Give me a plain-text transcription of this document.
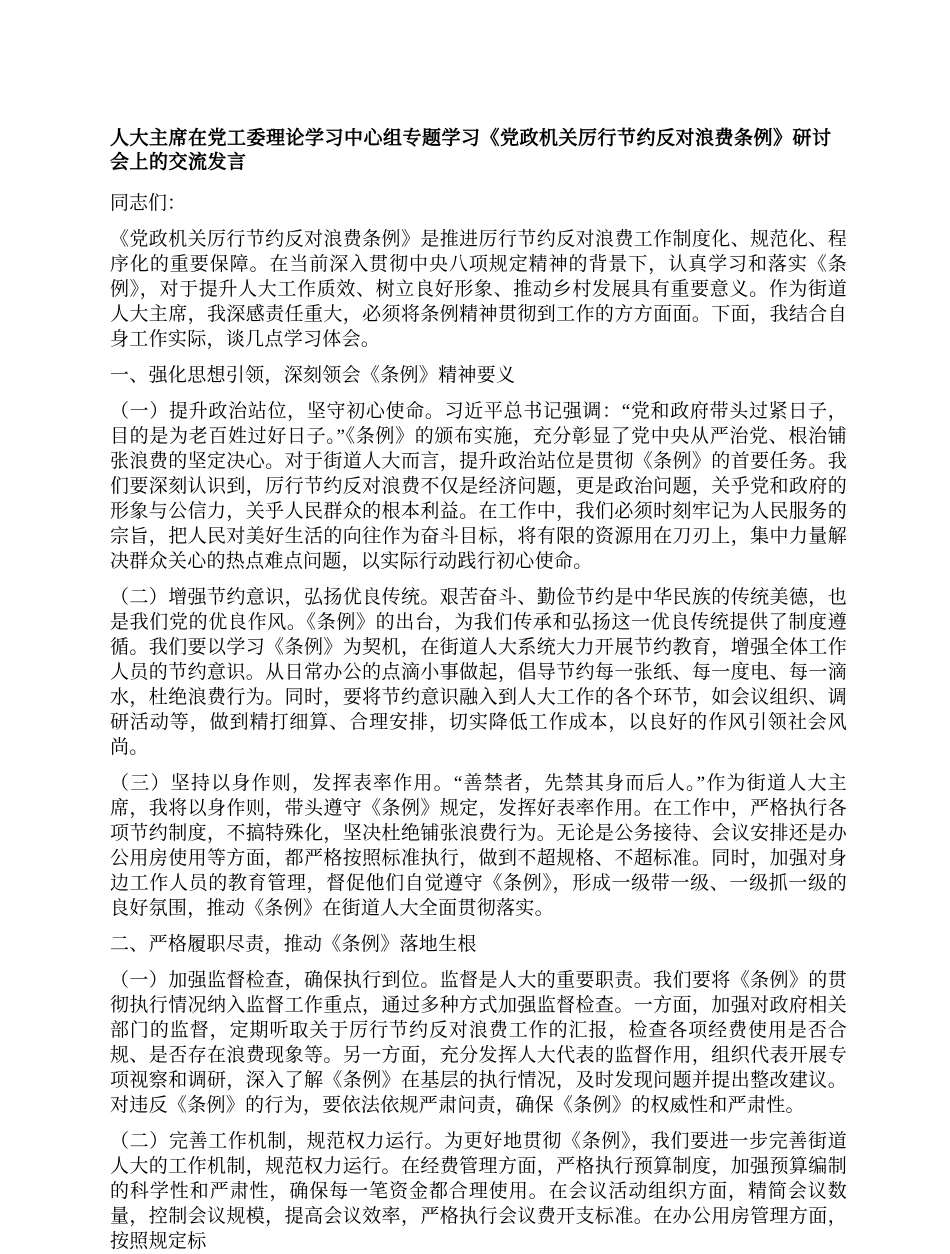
人大主席在党工委理论学习中心组专题学习《党政机关厉行节约反对浪费条例》研讨会上的交流发言

同志们：

《党政机关厉行节约反对浪费条例》是推进厉行节约反对浪费工作制度化、规范化、程序化的重要保障。在当前深入贯彻中央八项规定精神的背景下，认真学习和落实《条例》，对于提升人大工作质效、树立良好形象、推动乡村发展具有重要意义。作为街道人大主席，我深感责任重大，必须将条例精神贯彻到工作的方方面面。下面，我结合自身工作实际，谈几点学习体会。

一、强化思想引领，深刻领会《条例》精神要义

（一）提升政治站位，坚守初心使命。习近平总书记强调：“党和政府带头过紧日子，目的是为老百姓过好日子。”《条例》的颁布实施，充分彰显了党中央从严治党、根治铺张浪费的坚定决心。对于街道人大而言，提升政治站位是贯彻《条例》的首要任务。我们要深刻认识到，厉行节约反对浪费不仅是经济问题，更是政治问题，关乎党和政府的形象与公信力，关乎人民群众的根本利益。在工作中，我们必须时刻牢记为人民服务的宗旨，把人民对美好生活的向往作为奋斗目标，将有限的资源用在刀刃上，集中力量解决群众关心的热点难点问题，以实际行动践行初心使命。

（二）增强节约意识，弘扬优良传统。艰苦奋斗、勤俭节约是中华民族的传统美德，也是我们党的优良作风。《条例》的出台，为我们传承和弘扬这一优良传统提供了制度遵循。我们要以学习《条例》为契机，在街道人大系统大力开展节约教育，增强全体工作人员的节约意识。从日常办公的点滴小事做起，倡导节约每一张纸、每一度电、每一滴水，杜绝浪费行为。同时，要将节约意识融入到人大工作的各个环节，如会议组织、调研活动等，做到精打细算、合理安排，切实降低工作成本，以良好的作风引领社会风尚。

（三）坚持以身作则，发挥表率作用。“善禁者，先禁其身而后人。”作为街道人大主席，我将以身作则，带头遵守《条例》规定，发挥好表率作用。在工作中，严格执行各项节约制度，不搞特殊化，坚决杜绝铺张浪费行为。无论是公务接待、会议安排还是办公用房使用等方面，都严格按照标准执行，做到不超规格、不超标准。同时，加强对身边工作人员的教育管理，督促他们自觉遵守《条例》，形成一级带一级、一级抓一级的良好氛围，推动《条例》在街道人大全面贯彻落实。

二、严格履职尽责，推动《条例》落地生根

（一）加强监督检查，确保执行到位。监督是人大的重要职责。我们要将《条例》的贯彻执行情况纳入监督工作重点，通过多种方式加强监督检查。一方面，加强对政府相关部门的监督，定期听取关于厉行节约反对浪费工作的汇报，检查各项经费使用是否合规、是否存在浪费现象等。另一方面，充分发挥人大代表的监督作用，组织代表开展专项视察和调研，深入了解《条例》在基层的执行情况，及时发现问题并提出整改建议。对违反《条例》的行为，要依法依规严肃问责，确保《条例》的权威性和严肃性。

（二）完善工作机制，规范权力运行。为更好地贯彻《条例》，我们要进一步完善街道人大的工作机制，规范权力运行。在经费管理方面，严格执行预算制度，加强预算编制的科学性和严肃性，确保每一笔资金都合理使用。在会议活动组织方面，精简会议数量，控制会议规模，提高会议效率，严格执行会议费开支标准。在办公用房管理方面，按照规定标
